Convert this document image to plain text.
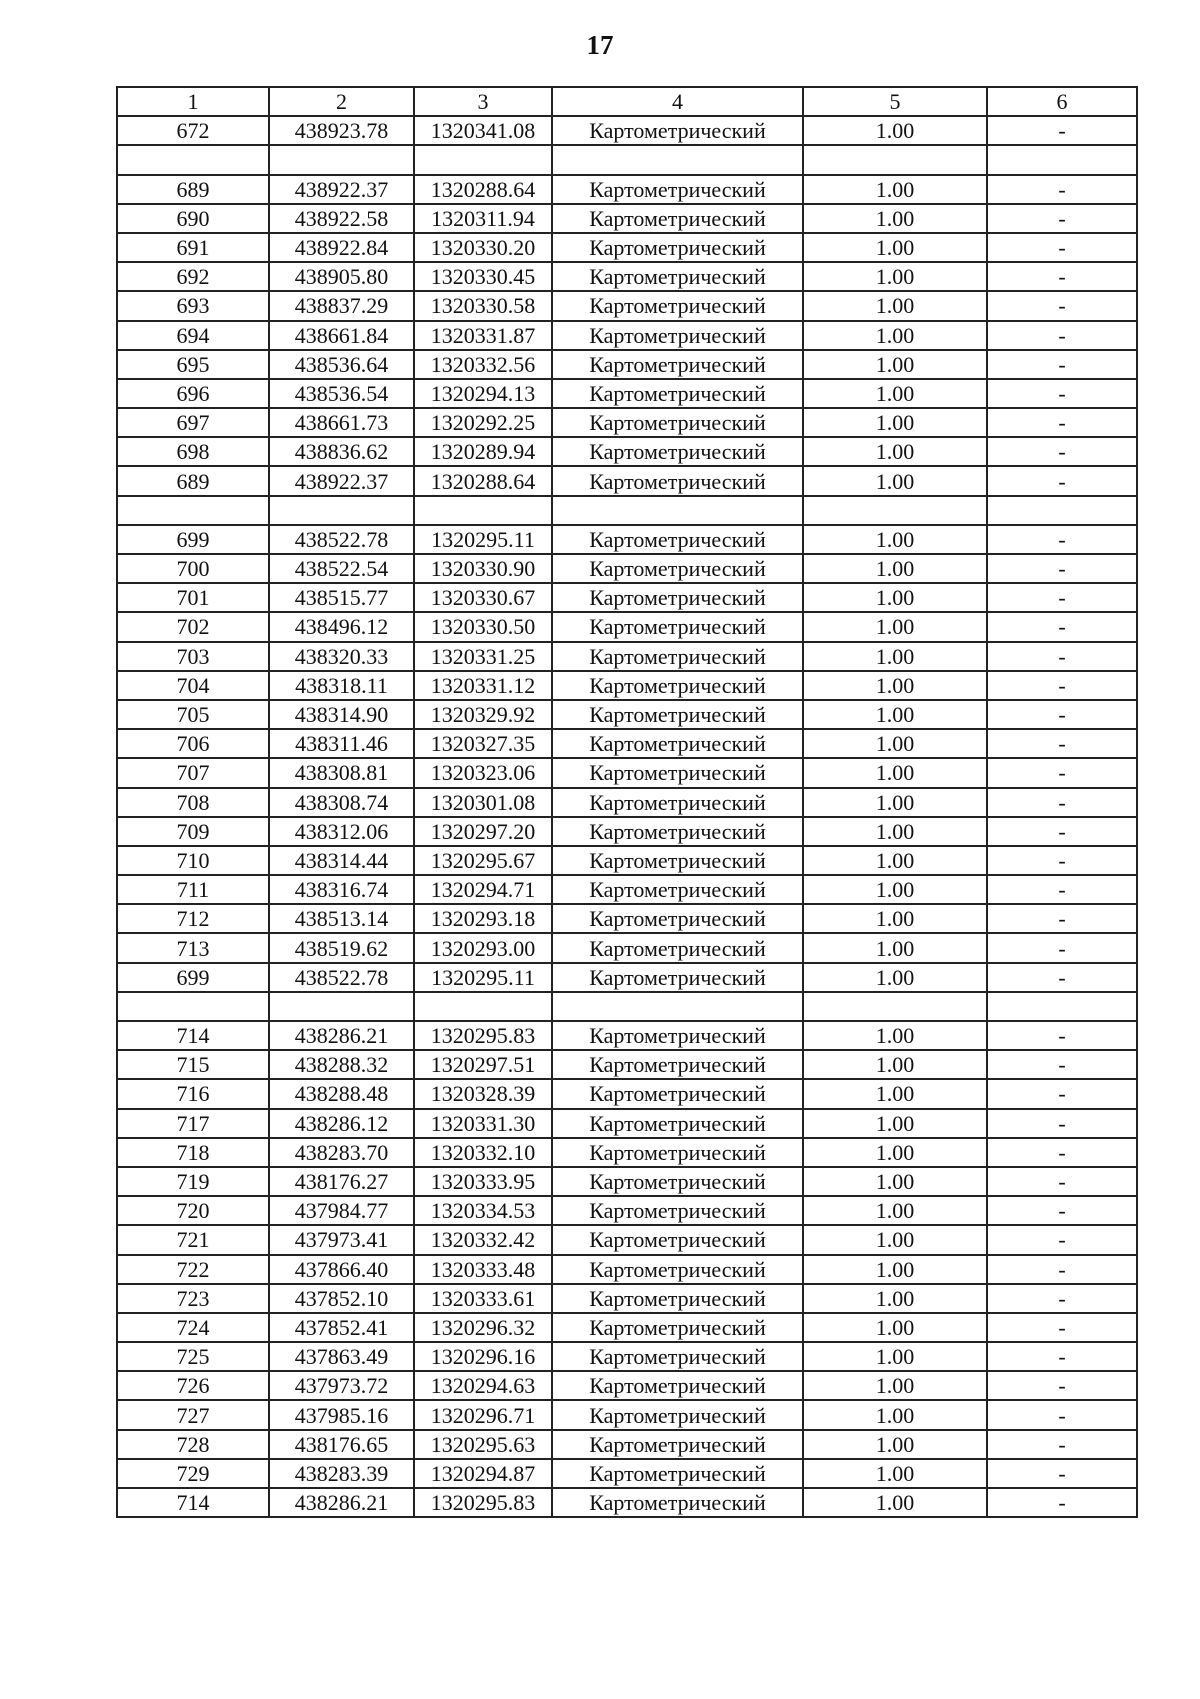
17
1	2	3	4	5	6
672	438923.78	1320341.08	Картометрический	1.00	-

689	438922.37	1320288.64	Картометрический	1.00	-
690	438922.58	1320311.94	Картометрический	1.00	-
691	438922.84	1320330.20	Картометрический	1.00	-
692	438905.80	1320330.45	Картометрический	1.00	-
693	438837.29	1320330.58	Картометрический	1.00	-
694	438661.84	1320331.87	Картометрический	1.00	-
695	438536.64	1320332.56	Картометрический	1.00	-
696	438536.54	1320294.13	Картометрический	1.00	-
697	438661.73	1320292.25	Картометрический	1.00	-
698	438836.62	1320289.94	Картометрический	1.00	-
689	438922.37	1320288.64	Картометрический	1.00	-

699	438522.78	1320295.11	Картометрический	1.00	-
700	438522.54	1320330.90	Картометрический	1.00	-
701	438515.77	1320330.67	Картометрический	1.00	-
702	438496.12	1320330.50	Картометрический	1.00	-
703	438320.33	1320331.25	Картометрический	1.00	-
704	438318.11	1320331.12	Картометрический	1.00	-
705	438314.90	1320329.92	Картометрический	1.00	-
706	438311.46	1320327.35	Картометрический	1.00	-
707	438308.81	1320323.06	Картометрический	1.00	-
708	438308.74	1320301.08	Картометрический	1.00	-
709	438312.06	1320297.20	Картометрический	1.00	-
710	438314.44	1320295.67	Картометрический	1.00	-
711	438316.74	1320294.71	Картометрический	1.00	-
712	438513.14	1320293.18	Картометрический	1.00	-
713	438519.62	1320293.00	Картометрический	1.00	-
699	438522.78	1320295.11	Картометрический	1.00	-

714	438286.21	1320295.83	Картометрический	1.00	-
715	438288.32	1320297.51	Картометрический	1.00	-
716	438288.48	1320328.39	Картометрический	1.00	-
717	438286.12	1320331.30	Картометрический	1.00	-
718	438283.70	1320332.10	Картометрический	1.00	-
719	438176.27	1320333.95	Картометрический	1.00	-
720	437984.77	1320334.53	Картометрический	1.00	-
721	437973.41	1320332.42	Картометрический	1.00	-
722	437866.40	1320333.48	Картометрический	1.00	-
723	437852.10	1320333.61	Картометрический	1.00	-
724	437852.41	1320296.32	Картометрический	1.00	-
725	437863.49	1320296.16	Картометрический	1.00	-
726	437973.72	1320294.63	Картометрический	1.00	-
727	437985.16	1320296.71	Картометрический	1.00	-
728	438176.65	1320295.63	Картометрический	1.00	-
729	438283.39	1320294.87	Картометрический	1.00	-
714	438286.21	1320295.83	Картометрический	1.00	-
